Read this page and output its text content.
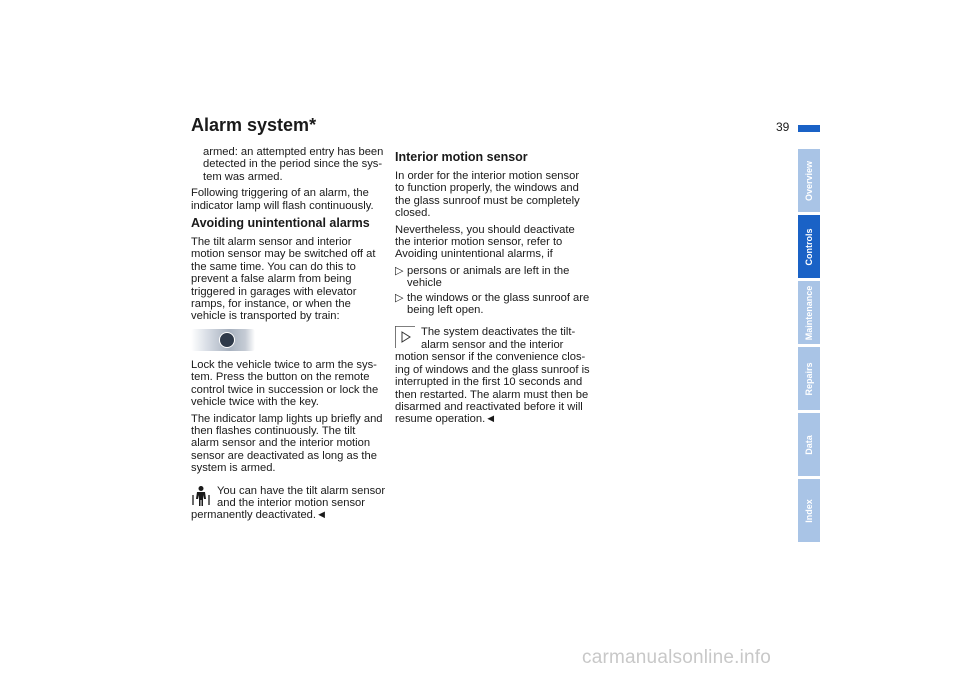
Alarm system*	39

armed: an attempted entry has been detected in the period since the sys-tem was armed.

Following triggering of an alarm, the indicator lamp will flash continuously.

Avoiding unintentional alarms

The tilt alarm sensor and interior motion sensor may be switched off at the same time. You can do this to prevent a false alarm from being triggered in garages with elevator ramps, for instance, or when the vehicle is transported by train:

Lock the vehicle twice to arm the sys-tem. Press the button on the remote control twice in succession or lock the vehicle twice with the key.

The indicator lamp lights up briefly and then flashes continuously. The tilt alarm sensor and the interior motion sensor are deactivated as long as the system is armed.

You can have the tilt alarm sensor and the interior motion sensor permanently deactivated.◄
Interior motion sensor

In order for the interior motion sensor to function properly, the windows and the glass sunroof must be completely closed.

Nevertheless, you should deactivate the interior motion sensor, refer to Avoiding unintentional alarms, if

▷ persons or animals are left in the vehicle
▷ the windows or the glass sunroof are being left open.
The system deactivates the tilt-alarm sensor and the interior motion sensor if the convenience clos-ing of windows and the glass sunroof is interrupted in the first 10 seconds and then restarted. The alarm must then be disarmed and reactivated before it will resume operation.◄
Overview
Controls
Maintenance
Repairs
Data
Index
carmanualsonline.info
